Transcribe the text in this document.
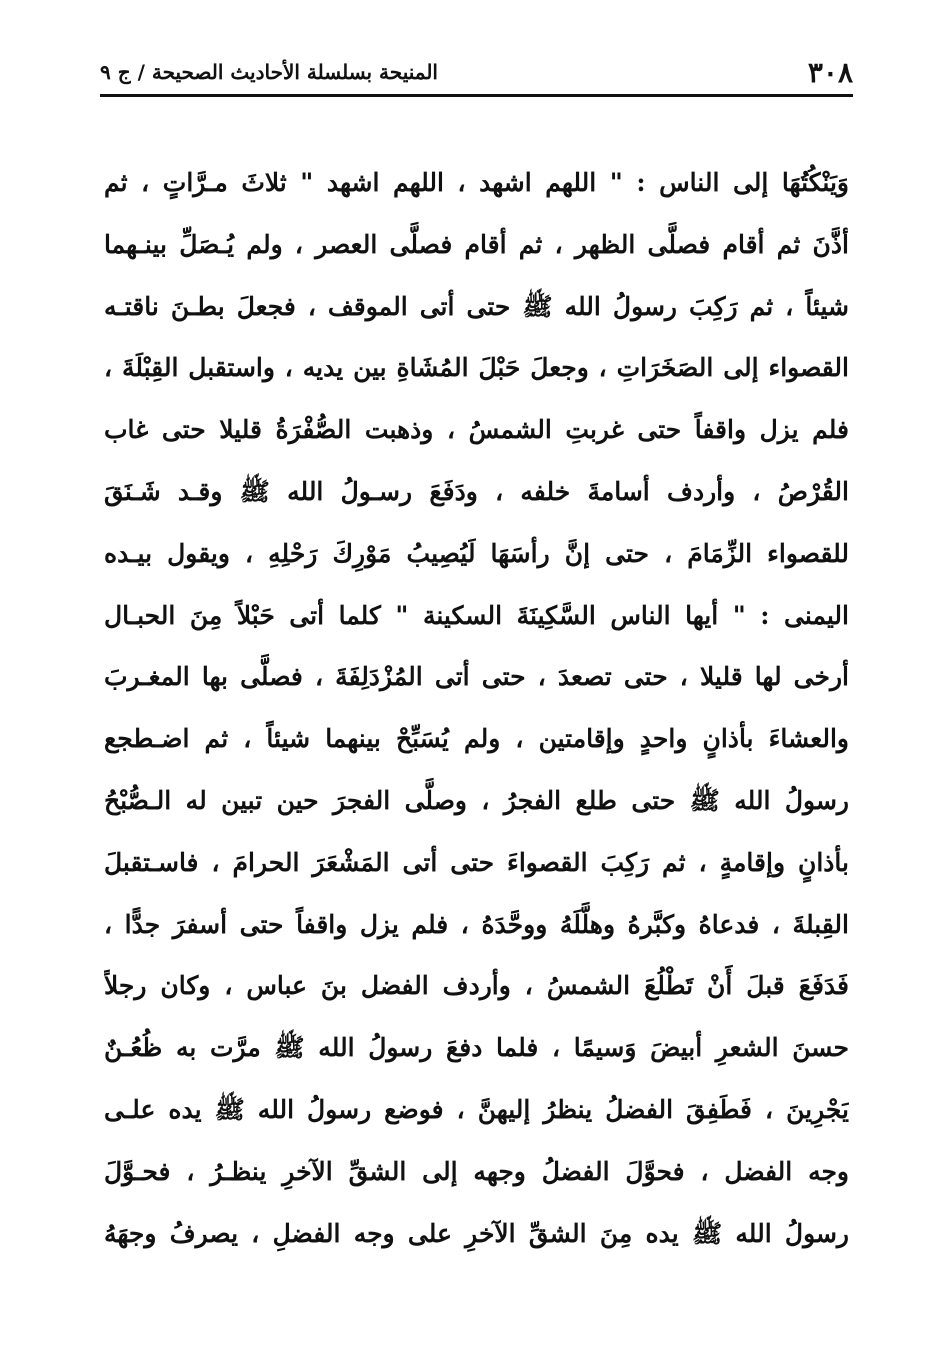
٣٠٨
المنيحة بسلسلة الأحاديث الصحيحة / ج ٩
وَيَنْكُتُهَا إلى الناس : " اللهم اشهد ، اللهم اشهد " ثلاثَ مـرَّاتٍ ، ثم
أذَّنَ ثم أقام فصلَّى الظهر ، ثم أقام فصلَّى العصر ، ولم يُـصَلِّ بينـهما
شيئاً ، ثم رَكِبَ رسولُ الله ﷺ حتى أتى الموقف ، فجعلَ بطـنَ ناقتـه
القصواء إلى الصَخَرَاتِ ، وجعلَ حَبْلَ المُشَاةِ بين يديه ، واستقبل القِبْلَةَ ،
فلم يزل واقفاً حتى غربتِ الشمسُ ، وذهبت الصُّفْرَةُ قليلا حتى غاب
القُرْصُ ، وأردف أسامةَ خلفه ، ودَفَعَ رسـولُ الله ﷺ وقـد شَـنَقَ
للقصواء الزِّمَامَ ، حتى إنَّ رأسَهَا لَيُصِيبُ مَوْرِكَ رَحْلِهِ ، ويقول بيـده
اليمنى : " أيها الناس السَّكِينَةَ السكينة " كلما أتى حَبْلاً مِنَ الحبـال
أرخى لها قليلا ، حتى تصعدَ ، حتى أتى المُزْدَلِفَةَ ، فصلَّى بها المغـربَ
والعشاءَ بأذانٍ واحدٍ وإقامتين ، ولم يُسَبِّحْ بينهما شيئاً ، ثم اضـطجع
رسولُ الله ﷺ حتى طلع الفجرُ ، وصلَّى الفجرَ حين تبين له الـصُّبْحُ
بأذانٍ وإقامةٍ ، ثم رَكِبَ القصواءَ حتى أتى المَشْعَرَ الحرامَ ، فاسـتقبلَ
القِبلةَ ، فدعاهُ وكبَّرهُ وهلَّلَهُ ووحَّدَهُ ، فلم يزل واقفاً حتى أسفرَ جدًّا ،
فَدَفَعَ قبلَ أَنْ تَطْلُعَ الشمسُ ، وأردف الفضل بنَ عباس ، وكان رجلاً
حسنَ الشعرِ أبيضَ وَسيمًا ، فلما دفعَ رسولُ الله ﷺ مرَّت به ظُعُـنٌ
يَجْرِينَ ، فَطَفِقَ الفضلُ ينظرُ إليهنَّ ، فوضع رسولُ الله ﷺ يده علـى
وجه الفضل ، فحوَّلَ الفضلُ وجهه إلى الشقِّ الآخرِ ينظـرُ ، فحـوَّلَ
رسولُ الله ﷺ يده مِنَ الشقِّ الآخرِ على وجه الفضلِ ، يصرفُ وجهَهُ
